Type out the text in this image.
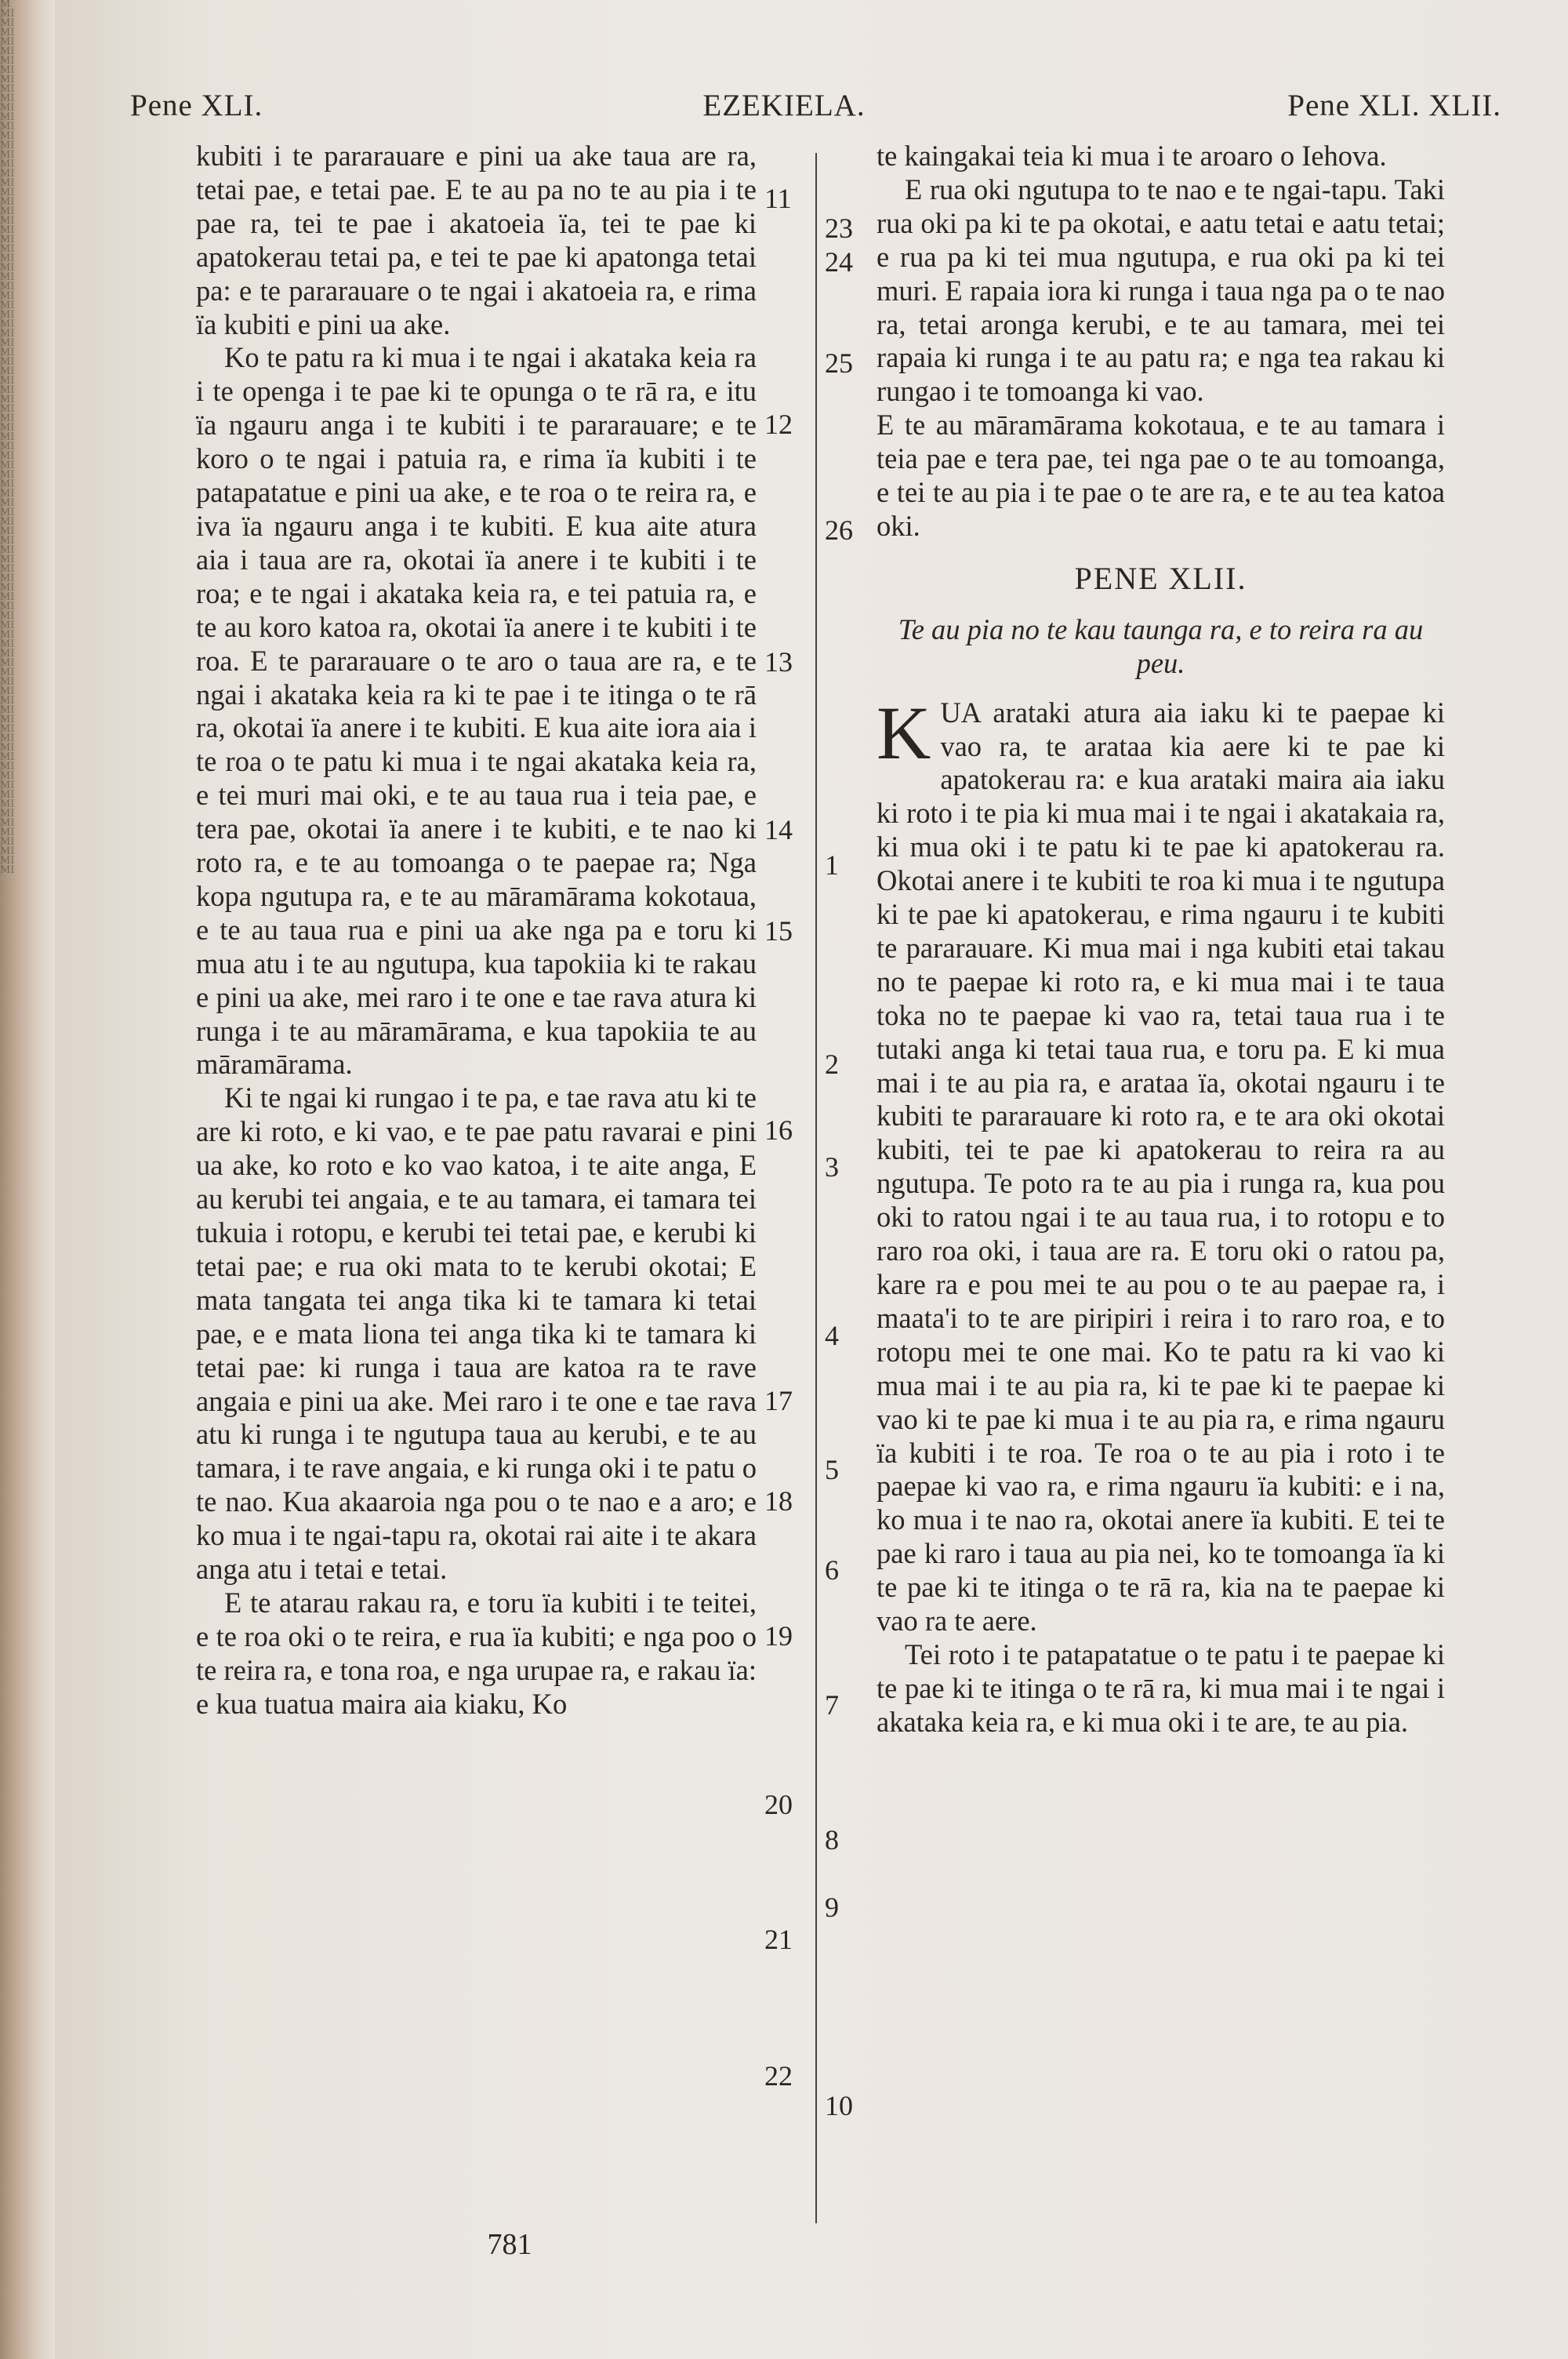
ΜΜΙΜΙΜΙΜΙΜΙΜΙΜΙΜΙΜΙΜΙΜΙΜΙΜΙΜΙΜΙΜΙΜΙΜΙΜΙΜΙΜΙΜΙΜΙΜΙΜΙΜΙΜΙΜΙΜΙΜΙΜΙΜΙΜΙΜΙΜΙΜΙΜΙΜΙΜΙΜΙΜΙΜΙΜΙΜΙΜΙΜΙΜΙΜΙΜΙΜΙΜΙΜΙΜΙΜΙΜΙΜΙΜΙΜΙΜΙΜΙΜΙΜΙΜΙΜΙΜΙΜΙΜΙΜΙΜΙΜΙΜΙΜΙΜΙΜΙΜΙΜΙΜΙΜΙΜΙΜΙΜΙΜΙΜΙΜΙΜΙΜΙΜΙΜΙΜΙΜΙΜΙΜΙ
Pene XLI.	EZEKIELA.	Pene XLI. XLII.

kubiti i te pararauare e pini ua ake taua are ra, tetai pae, e tetai pae. E te au pa no te au pia i te pae ra, tei te pae i akatoeia ïa, tei te pae ki apatokerau tetai pa, e tei te pae ki apatonga tetai pa: e te pararauare o te ngai i akatoeia ra, e rima ïa kubiti e pini ua ake.

Ko te patu ra ki mua i te ngai i akataka keia ra i te openga i te pae ki te opunga o te rā ra, e itu ïa ngauru anga i te kubiti i te pararauare; e te koro o te ngai i patuia ra, e rima ïa kubiti i te patapatatue e pini ua ake, e te roa o te reira ra, e iva ïa ngauru anga i te kubiti. E kua aite atura aia i taua are ra, okotai ïa anere i te kubiti i te roa; e te ngai i akataka keia ra, e tei patuia ra, e te au koro katoa ra, okotai ïa anere i te kubiti i te roa. E te pararauare o te aro o taua are ra, e te ngai i akataka keia ra ki te pae i te itinga o te rā ra, okotai ïa anere i te kubiti. E kua aite iora aia i te roa o te patu ki mua i te ngai akataka keia ra, e tei muri mai oki, e te au taua rua i teia pae, e tera pae, okotai ïa anere i te kubiti, e te nao ki roto ra, e te au tomoanga o te paepae ra; Nga kopa ngutupa ra, e te au māramārama kokotaua, e te au taua rua e pini ua ake nga pa e toru ki mua atu i te au ngutupa, kua tapokiia ki te rakau e pini ua ake, mei raro i te one e tae rava atura ki runga i te au māramārama, e kua tapokiia te au māramārama.

Ki te ngai ki rungao i te pa, e tae rava atu ki te are ki roto, e ki vao, e te pae patu ravarai e pini ua ake, ko roto e ko vao katoa, i te aite anga, E au kerubi tei angaia, e te au tamara, ei tamara tei tukuia i rotopu, e kerubi tei tetai pae, e kerubi ki tetai pae; e rua oki mata to te kerubi okotai; E mata tangata tei anga tika ki te tamara ki tetai pae, e e mata liona tei anga tika ki te tamara ki tetai pae: ki runga i taua are katoa ra te rave angaia e pini ua ake. Mei raro i te one e tae rava atu ki runga i te ngutupa taua au kerubi, e te au tamara, i te rave angaia, e ki runga oki i te patu o te nao. Kua akaaroia nga pou o te nao e a aro; e ko mua i te ngai-tapu ra, okotai rai aite i te akara anga atu i tetai e tetai.

E te atarau rakau ra, e toru ïa kubiti i te teitei, e te roa oki o te reira, e rua ïa kubiti; e nga poo o te reira ra, e tona roa, e nga urupae ra, e rakau ïa: e kua tuatua maira aia kiaku, Ko

11
12
13
14
15
16
17
18
19
20
21
22
781

te kaingakai teia ki mua i te aroaro o Iehova.

E rua oki ngutupa to te nao e te ngai-tapu. Taki rua oki pa ki te pa okotai, e aatu tetai e aatu tetai; e rua pa ki tei mua ngutupa, e rua oki pa ki tei muri. E rapaia iora ki runga i taua nga pa o te nao ra, tetai aronga kerubi, e te au tamara, mei tei rapaia ki runga i te au patu ra; e nga tea rakau ki rungao i te tomoanga ki vao.

E te au māramārama kokotaua, e te au tamara i teia pae e tera pae, tei nga pae o te au tomoanga, e tei te au pia i te pae o te are ra, e te au tea katoa oki.

PENE XLII.
Te au pia no te kau taunga ra, e to reira ra au peu.

KUA arataki atura aia iaku ki te paepae ki vao ra, te arataa kia aere ki te pae ki apatokerau ra: e kua arataki maira aia iaku ki roto i te pia ki mua mai i te ngai i akatakaia ra, ki mua oki i te patu ki te pae ki apatokerau ra. Okotai anere i te kubiti te roa ki mua i te ngutupa ki te pae ki apatokerau, e rima ngauru i te kubiti te pararauare. Ki mua mai i nga kubiti etai takau no te paepae ki roto ra, e ki mua mai i te taua toka no te paepae ki vao ra, tetai taua rua i te tutaki anga ki tetai taua rua, e toru pa. E ki mua mai i te au pia ra, e arataa ïa, okotai ngauru i te kubiti te pararauare ki roto ra, e te ara oki okotai kubiti, tei te pae ki apatokerau to reira ra au ngutupa. Te poto ra te au pia i runga ra, kua pou oki to ratou ngai i te au taua rua, i to rotopu e to raro roa oki, i taua are ra. E toru oki o ratou pa, kare ra e pou mei te au pou o te au paepae ra, i maata'i to te are piripiri i reira i to raro roa, e to rotopu mei te one mai. Ko te patu ra ki vao ki mua mai i te au pia ra, ki te pae ki te paepae ki vao ki te pae ki mua i te au pia ra, e rima ngauru ïa kubiti i te roa. Te roa o te au pia i roto i te paepae ki vao ra, e rima ngauru ïa kubiti: e i na, ko mua i te nao ra, okotai anere ïa kubiti. E tei te pae ki raro i taua au pia nei, ko te tomoanga ïa ki te pae ki te itinga o te rā ra, kia na te paepae ki vao ra te aere.

Tei roto i te patapatatue o te patu i te paepae ki te pae ki te itinga o te rā ra, ki mua mai i te ngai i akataka keia ra, e ki mua oki i te are, te au pia.

23
24
25
26
1
2
3
4
5
6
7
8
9
10
